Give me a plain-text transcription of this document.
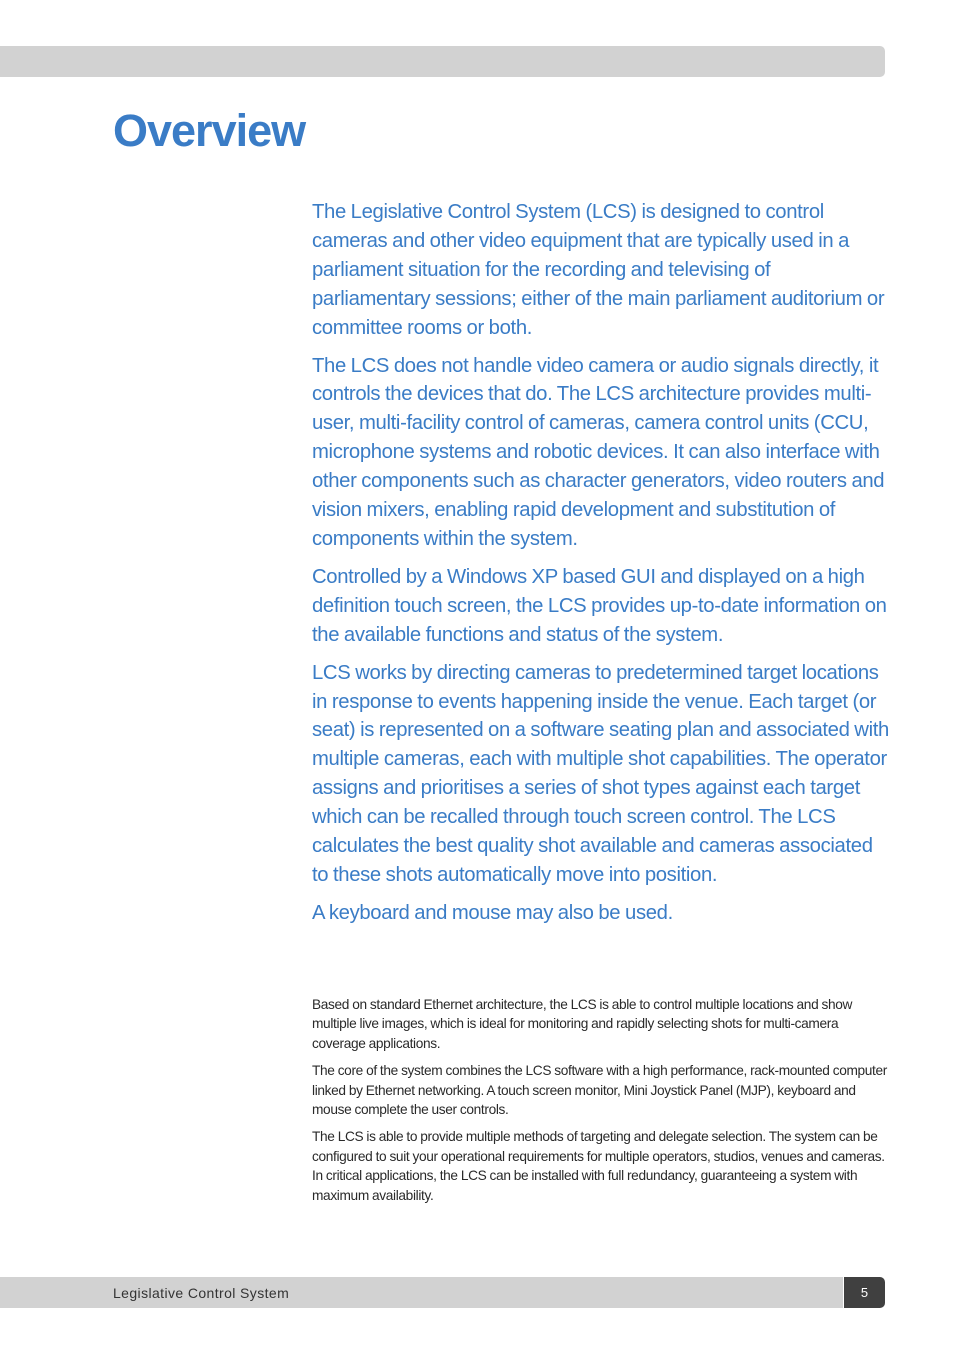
Overview

The Legislative Control System (LCS) is designed to control cameras and other video equipment that are typically used in a parliament situation for the recording and televising of parliamentary sessions; either of the main parliament auditorium or committee rooms or both.

The LCS does not handle video camera or audio signals directly, it controls the devices that do. The LCS architecture provides multi-user, multi-facility control of cameras, camera control units (CCU, microphone systems and robotic devices. It can also interface with other components such as character generators, video routers and vision mixers, enabling rapid development and substitution of components within the system.

Controlled by a Windows XP based GUI and displayed on a high definition touch screen, the LCS provides up-to-date information on the available functions and status of the system.

LCS works by directing cameras to predetermined target locations in response to events happening inside the venue. Each target (or seat) is represented on a software seating plan and associated with multiple cameras, each with multiple shot capabilities. The operator assigns and prioritises a series of shot types against each target which can be recalled through touch screen control. The LCS calculates the best quality shot available and cameras associated to these shots automatically move into position.

A keyboard and mouse may also be used.

Based on standard Ethernet architecture, the LCS is able to control multiple locations and show multiple live images, which is ideal for monitoring and rapidly selecting shots for multi-camera coverage applications.

The core of the system combines the LCS software with a high performance, rack-mounted computer linked by Ethernet networking. A touch screen monitor, Mini Joystick Panel (MJP), keyboard and mouse complete the user controls.

The LCS is able to provide multiple methods of targeting and delegate selection. The system can be configured to suit your operational requirements for multiple operators, studios, venues and cameras. In critical applications, the LCS can be installed with full redundancy, guaranteeing a system with maximum availability.

Legislative Control System	5
